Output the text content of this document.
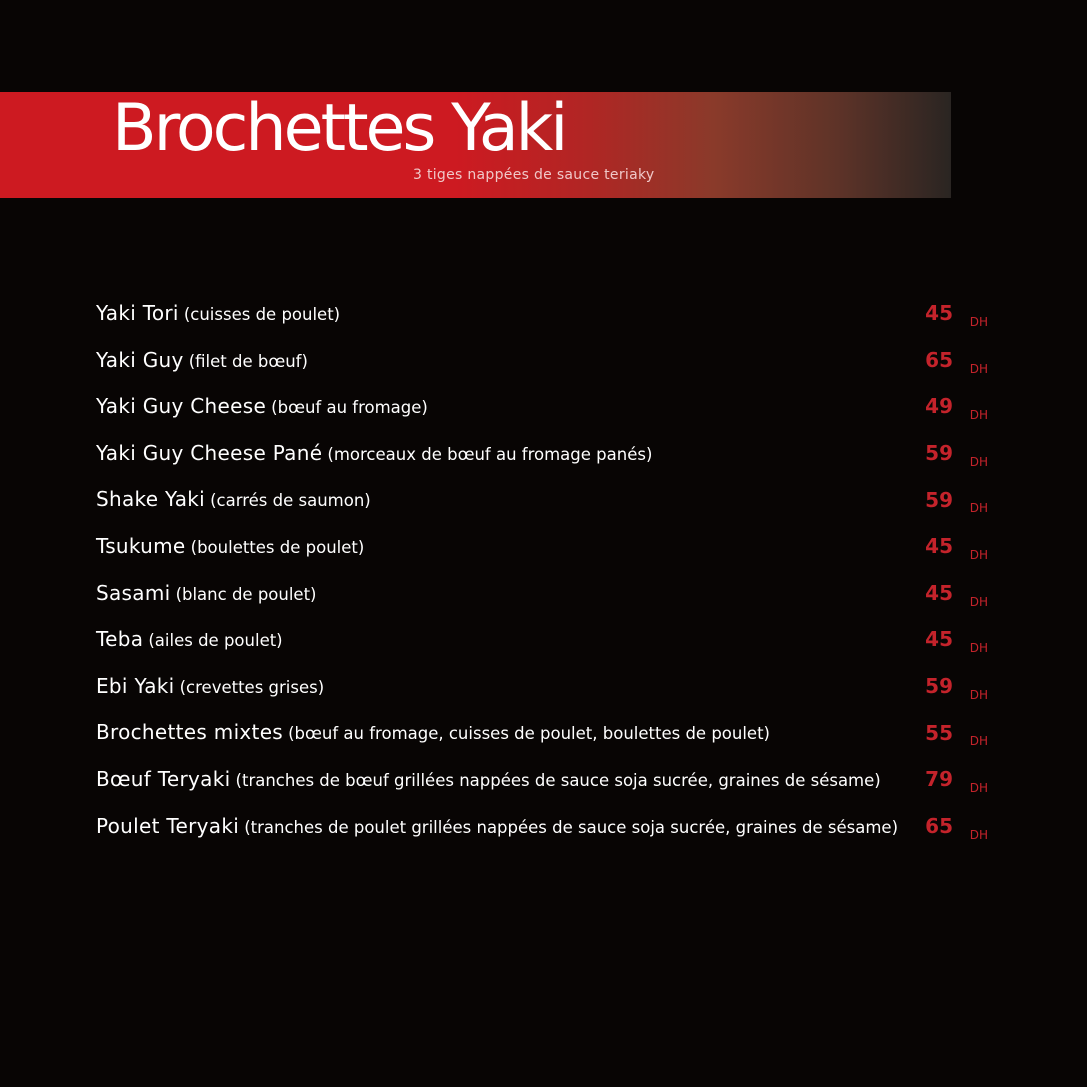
Brochettes Yaki
3 tiges nappées de sauce teriaky
Yaki Tori (cuisses de poulet)	45 DH
Yaki Guy (filet de bœuf)	65 DH
Yaki Guy Cheese (bœuf au fromage)	49 DH
Yaki Guy Cheese Pané (morceaux de bœuf au fromage panés)	59 DH
Shake Yaki (carrés de saumon)	59 DH
Tsukume (boulettes de poulet)	45 DH
Sasami (blanc de poulet)	45 DH
Teba (ailes de poulet)	45 DH
Ebi Yaki (crevettes grises)	59 DH
Brochettes mixtes (bœuf au fromage, cuisses de poulet, boulettes de poulet)	55 DH
Bœuf Teryaki (tranches de bœuf grillées nappées de sauce soja sucrée, graines de sésame) 79 DH
Poulet Teryaki (tranches de poulet grillées nappées de sauce soja sucrée, graines de sésame) 65 DH
